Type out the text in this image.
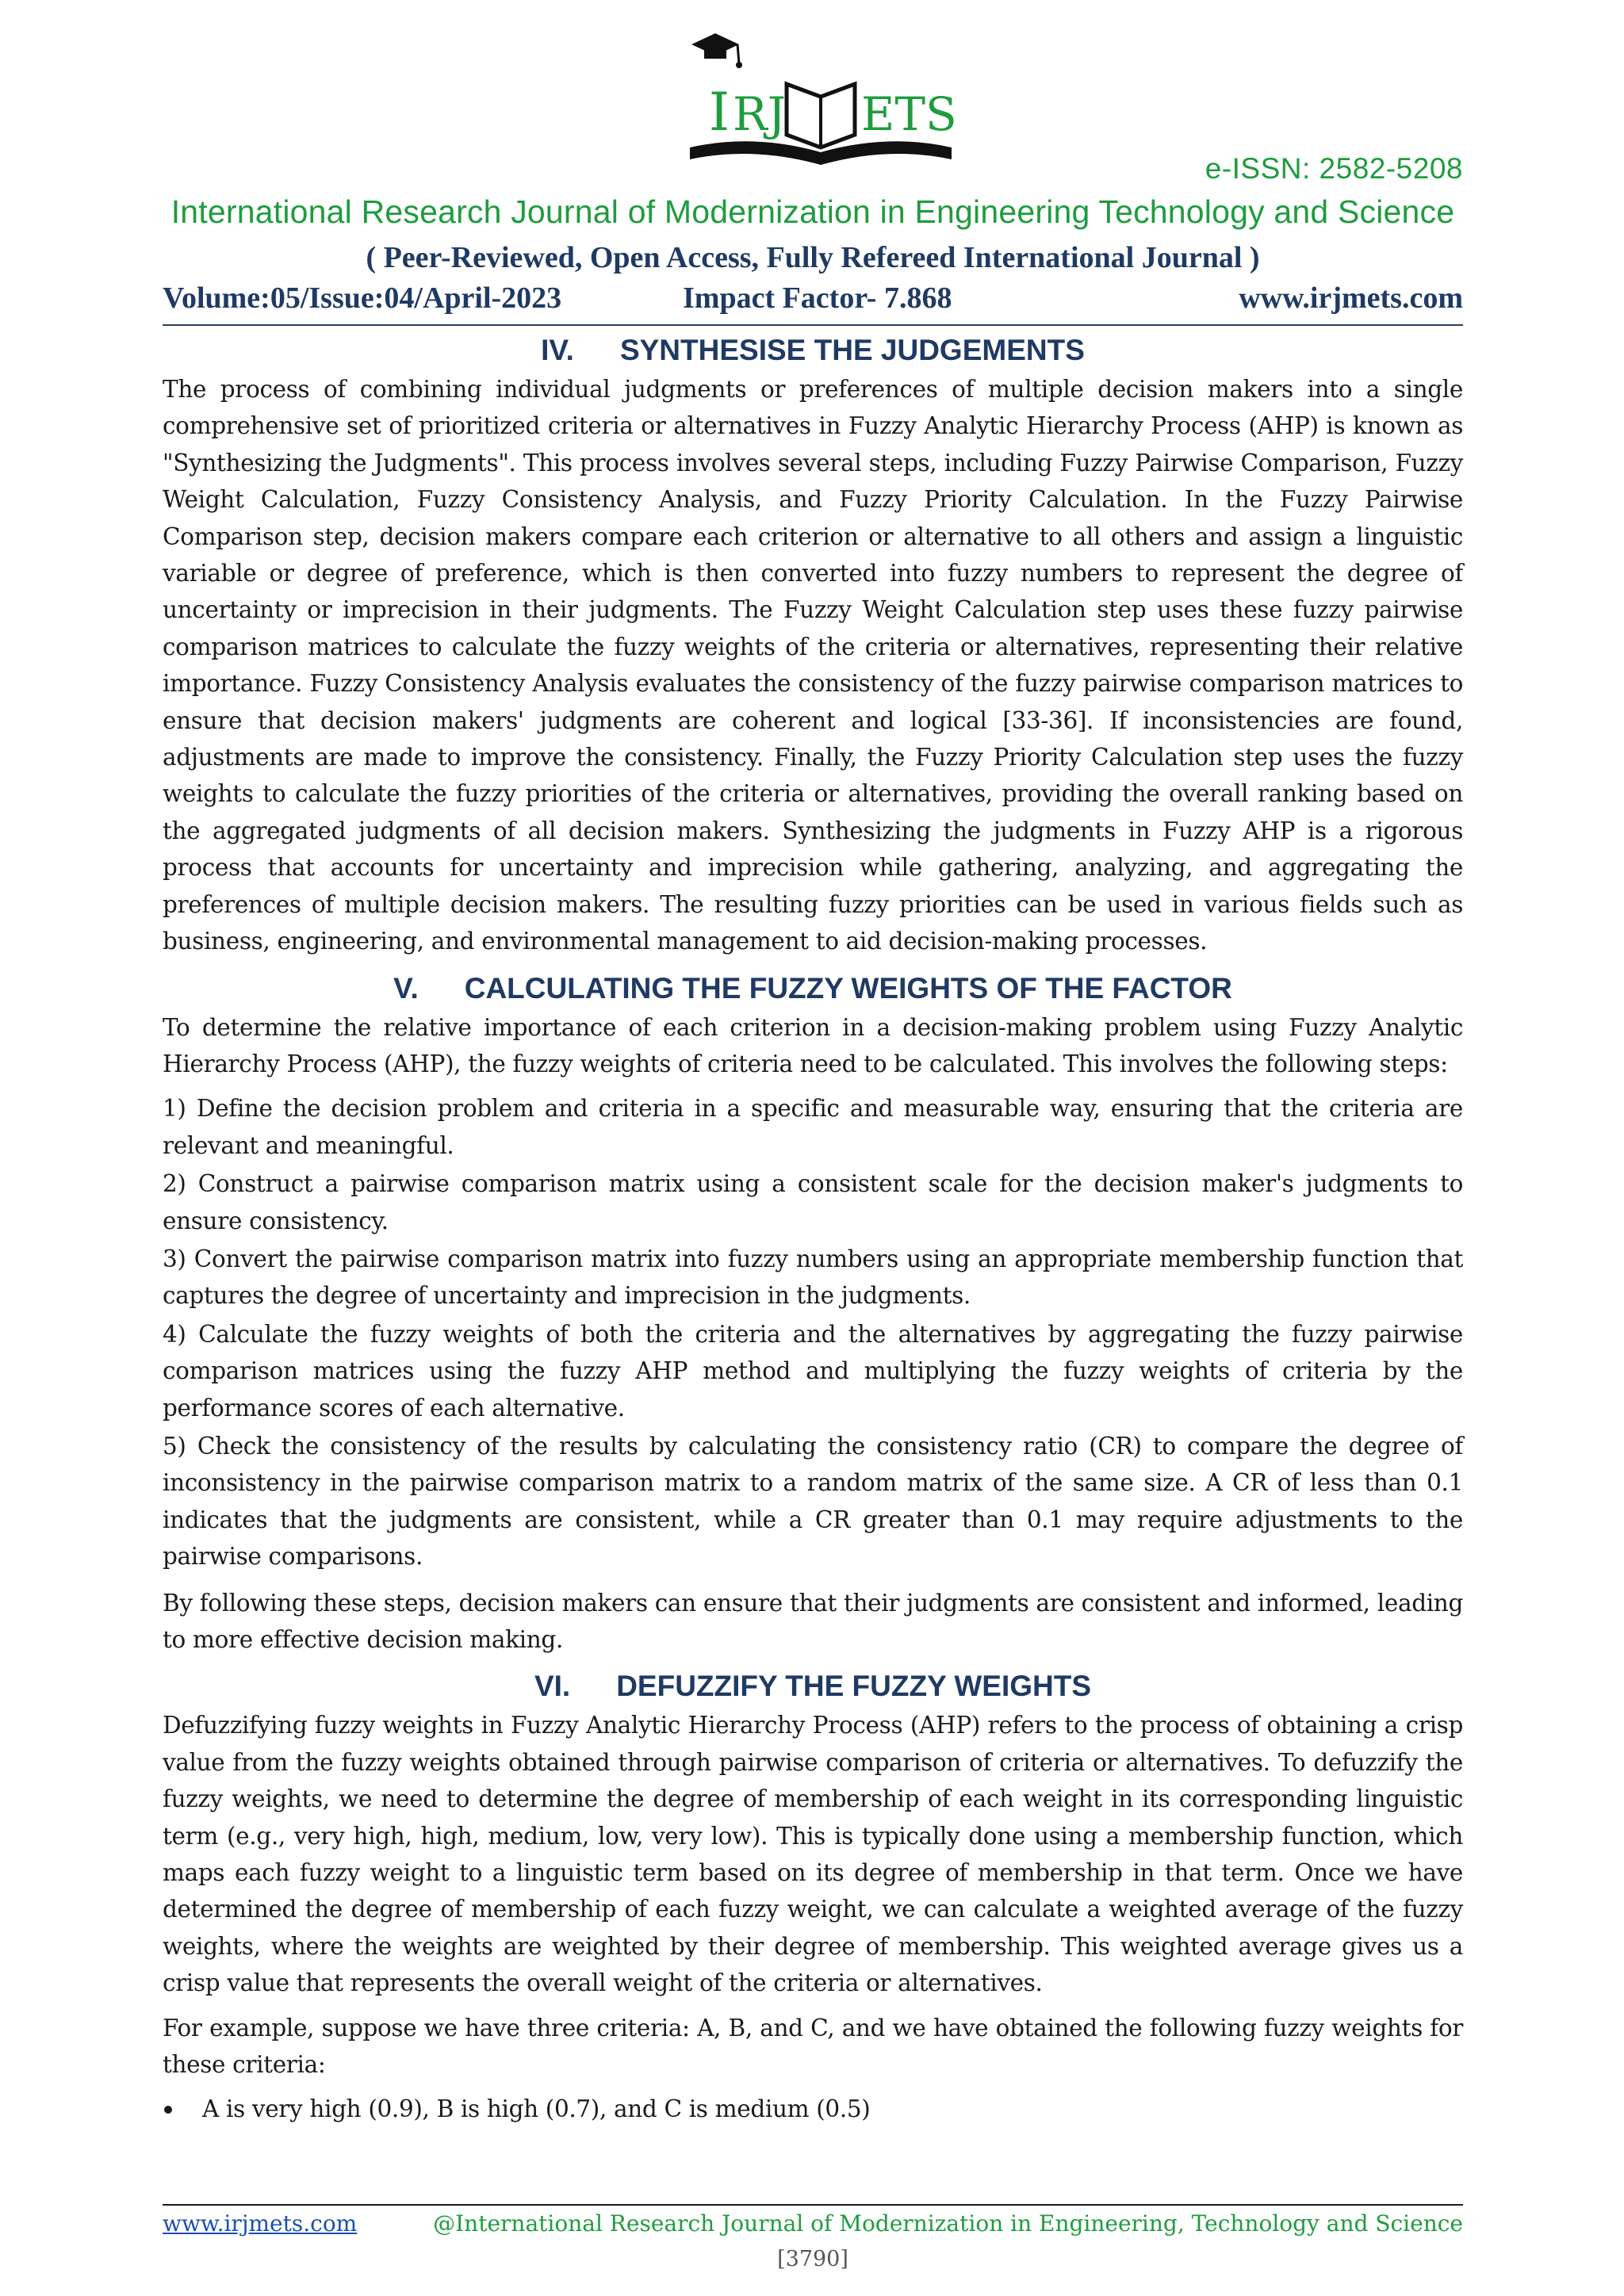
I RJ ETS
e-ISSN: 2582-5208
International Research Journal of Modernization in Engineering Technology and Science
( Peer-Reviewed, Open Access, Fully Refereed International Journal )
Volume:05/Issue:04/April-2023	Impact Factor- 7.868	www.irjmets.com
IV. SYNTHESISE THE JUDGEMENTS

The process of combining individual judgments or preferences of multiple decision makers into a single comprehensive set of prioritized criteria or alternatives in Fuzzy Analytic Hierarchy Process (AHP) is known as "Synthesizing the Judgments". This process involves several steps, including Fuzzy Pairwise Comparison, Fuzzy Weight Calculation, Fuzzy Consistency Analysis, and Fuzzy Priority Calculation. In the Fuzzy Pairwise Comparison step, decision makers compare each criterion or alternative to all others and assign a linguistic variable or degree of preference, which is then converted into fuzzy numbers to represent the degree of uncertainty or imprecision in their judgments. The Fuzzy Weight Calculation step uses these fuzzy pairwise comparison matrices to calculate the fuzzy weights of the criteria or alternatives, representing their relative importance. Fuzzy Consistency Analysis evaluates the consistency of the fuzzy pairwise comparison matrices to ensure that decision makers' judgments are coherent and logical [33-36]. If inconsistencies are found, adjustments are made to improve the consistency. Finally, the Fuzzy Priority Calculation step uses the fuzzy weights to calculate the fuzzy priorities of the criteria or alternatives, providing the overall ranking based on the aggregated judgments of all decision makers. Synthesizing the judgments in Fuzzy AHP is a rigorous process that accounts for uncertainty and imprecision while gathering, analyzing, and aggregating the preferences of multiple decision makers. The resulting fuzzy priorities can be used in various fields such as business, engineering, and environmental management to aid decision-making processes.

V. CALCULATING THE FUZZY WEIGHTS OF THE FACTOR

To determine the relative importance of each criterion in a decision-making problem using Fuzzy Analytic Hierarchy Process (AHP), the fuzzy weights of criteria need to be calculated. This involves the following steps:

1) Define the decision problem and criteria in a specific and measurable way, ensuring that the criteria are relevant and meaningful.

2) Construct a pairwise comparison matrix using a consistent scale for the decision maker's judgments to ensure consistency.

3) Convert the pairwise comparison matrix into fuzzy numbers using an appropriate membership function that captures the degree of uncertainty and imprecision in the judgments.

4) Calculate the fuzzy weights of both the criteria and the alternatives by aggregating the fuzzy pairwise comparison matrices using the fuzzy AHP method and multiplying the fuzzy weights of criteria by the performance scores of each alternative.

5) Check the consistency of the results by calculating the consistency ratio (CR) to compare the degree of inconsistency in the pairwise comparison matrix to a random matrix of the same size. A CR of less than 0.1 indicates that the judgments are consistent, while a CR greater than 0.1 may require adjustments to the pairwise comparisons.

By following these steps, decision makers can ensure that their judgments are consistent and informed, leading to more effective decision making.

VI. DEFUZZIFY THE FUZZY WEIGHTS

Defuzzifying fuzzy weights in Fuzzy Analytic Hierarchy Process (AHP) refers to the process of obtaining a crisp value from the fuzzy weights obtained through pairwise comparison of criteria or alternatives. To defuzzify the fuzzy weights, we need to determine the degree of membership of each weight in its corresponding linguistic term (e.g., very high, high, medium, low, very low). This is typically done using a membership function, which maps each fuzzy weight to a linguistic term based on its degree of membership in that term. Once we have determined the degree of membership of each fuzzy weight, we can calculate a weighted average of the fuzzy weights, where the weights are weighted by their degree of membership. This weighted average gives us a crisp value that represents the overall weight of the criteria or alternatives.

For example, suppose we have three criteria: A, B, and C, and we have obtained the following fuzzy weights for these criteria:

A is very high (0.9), B is high (0.7), and C is medium (0.5)

www.irjmets.com	@International Research Journal of Modernization in Engineering, Technology and Science
[3790]
